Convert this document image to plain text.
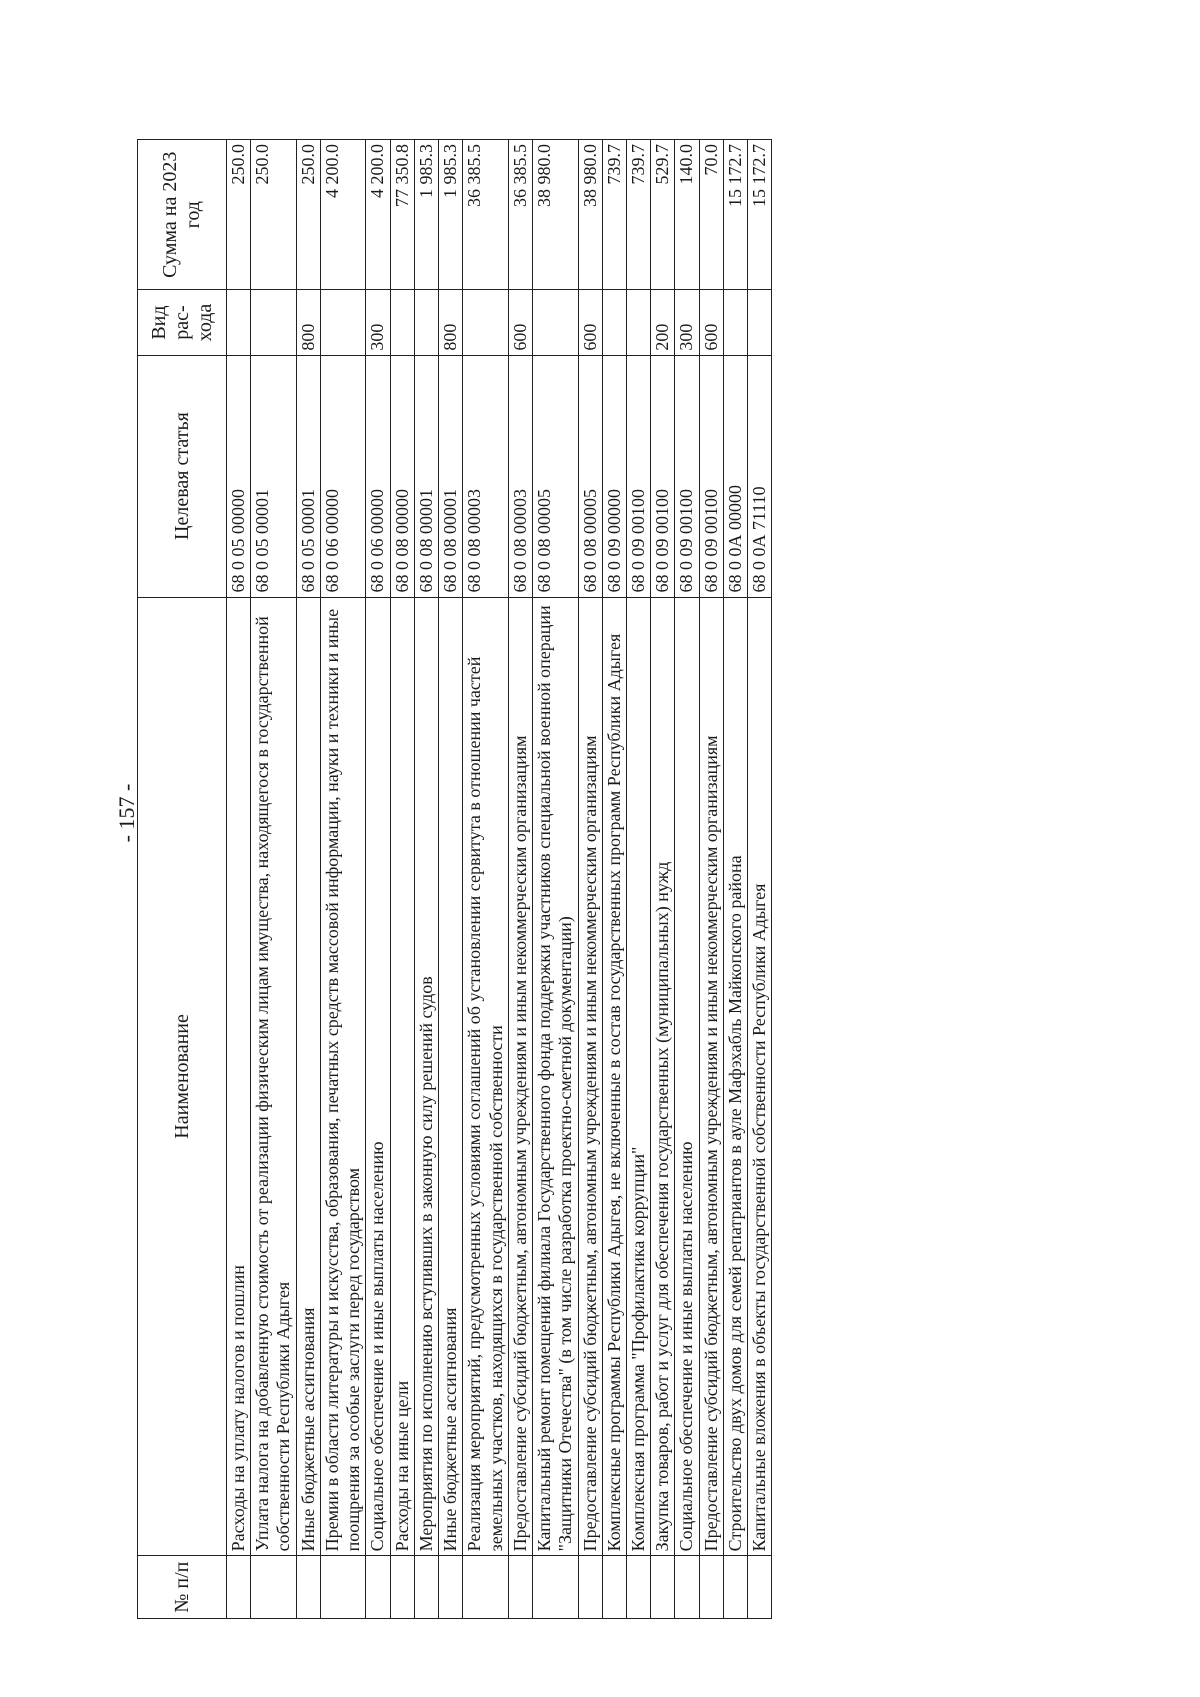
- 157 -
№ п/п	Наименование	Целевая статья	Вид рас-хода	Сумма на 2023 год
	Расходы на уплату налогов и пошлин	68 0 05 00000		250.0
	Уплата налога на добавленную стоимость от реализации физическим лицам имущества, находящегося в государственной собственности Республики Адыгея	68 0 05 00001		250.0
	Иные бюджетные ассигнования	68 0 05 00001	800	250.0
	Премии в области литературы и искусства, образования, печатных средств массовой информации, науки и техники и иные поощрения за особые заслуги перед государством	68 0 06 00000		4 200.0
	Социальное обеспечение и иные выплаты населению	68 0 06 00000	300	4 200.0
	Расходы на иные цели	68 0 08 00000		77 350.8
	Мероприятия по исполнению вступивших в законную силу решений судов	68 0 08 00001		1 985.3
	Иные бюджетные ассигнования	68 0 08 00001	800	1 985.3
	Реализация мероприятий, предусмотренных условиями соглашений об установлении сервитута в отношении частей земельных участков, находящихся в государственной собственности	68 0 08 00003		36 385.5
	Предоставление субсидий бюджетным, автономным учреждениям и иным некоммерческим организациям	68 0 08 00003	600	36 385.5
	Капитальный ремонт помещений филиала Государственного фонда поддержки участников специальной военной операции "Защитники Отечества" (в том числе разработка проектно-сметной документации)	68 0 08 00005		38 980.0
	Предоставление субсидий бюджетным, автономным учреждениям и иным некоммерческим организациям	68 0 08 00005	600	38 980.0
	Комплексные программы Республики Адыгея, не включенные в состав государственных программ Республики Адыгея	68 0 09 00000		739.7
	Комплексная программа "Профилактика коррупции"	68 0 09 00100		739.7
	Закупка товаров, работ и услуг для обеспечения государственных (муниципальных) нужд	68 0 09 00100	200	529.7
	Социальное обеспечение и иные выплаты населению	68 0 09 00100	300	140.0
	Предоставление субсидий бюджетным, автономным учреждениям и иным некоммерческим организациям	68 0 09 00100	600	70.0
	Строительство двух домов для семей репатриантов в ауле Мафэхабль Майкопского района	68 0 0А 00000		15 172.7
	Капитальные вложения в объекты государственной собственности Республики Адыгея	68 0 0А 71110		15 172.7
